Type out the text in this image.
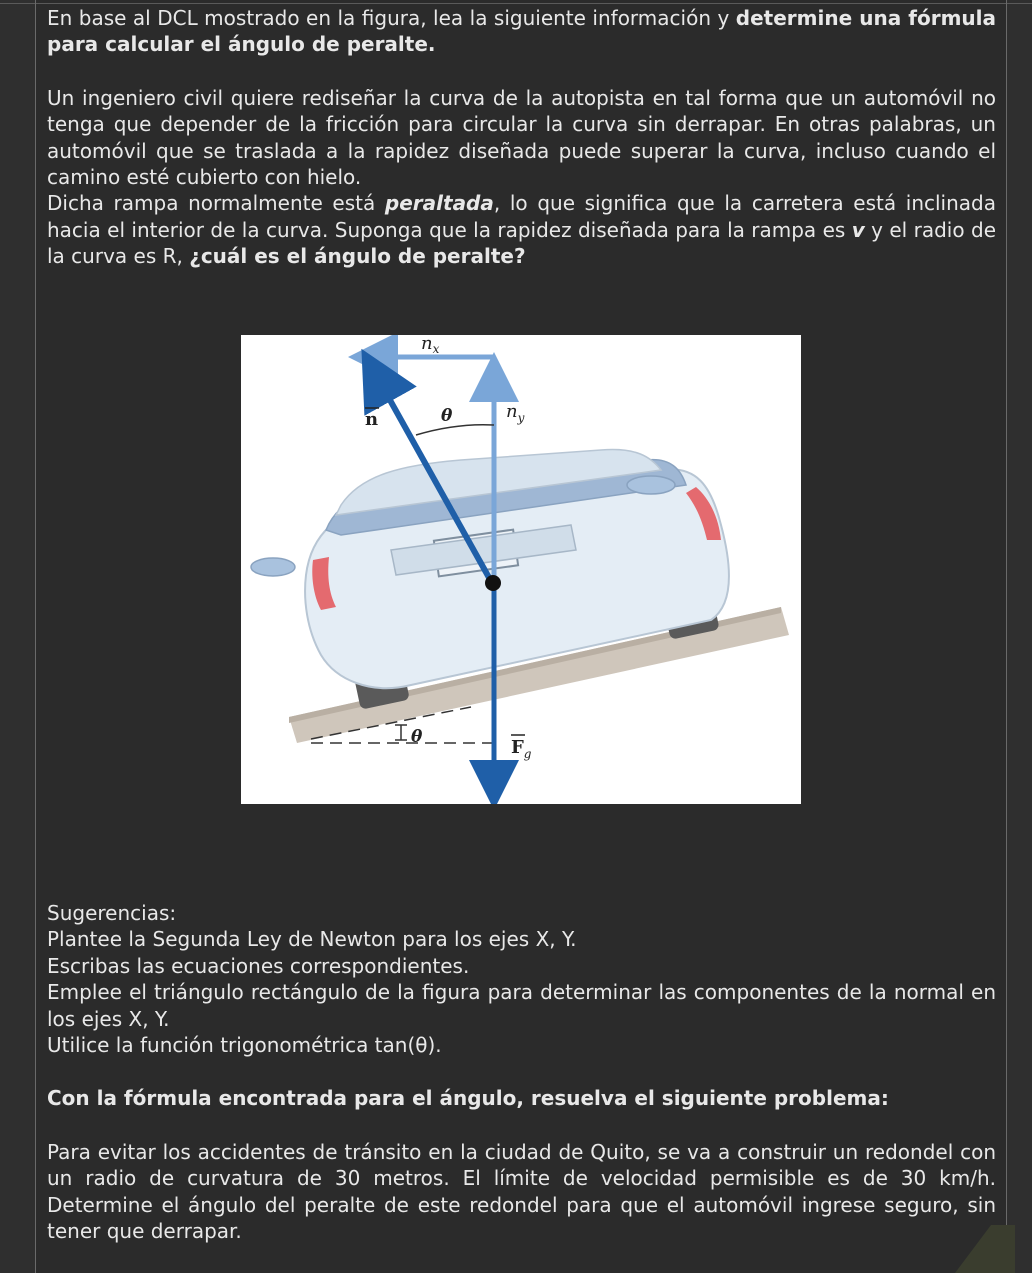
En base al DCL mostrado en la figura, lea la siguiente información y determine una fórmula para calcular el ángulo de peralte.

Un ingeniero civil quiere rediseñar la curva de la autopista en tal forma que un automóvil no tenga que depender de la fricción para circular la curva sin derrapar. En otras palabras, un automóvil que se traslada a la rapidez diseñada puede superar la curva, incluso cuando el camino esté cubierto con hielo.

Dicha rampa normalmente está peraltada, lo que significa que la carretera está inclinada hacia el interior de la curva. Suponga que la rapidez diseñada para la rampa es v y el radio de la curva es R, ¿cuál es el ángulo de peralte?

$n_x$
$n_y$
n	θ
θ	$F_g$

Sugerencias:

Plantee la Segunda Ley de Newton para los ejes X, Y.

Escribas las ecuaciones correspondientes.

Emplee el triángulo rectángulo de la figura para determinar las componentes de la normal en los ejes X, Y.

Utilice la función trigonométrica tan(θ).

Con la fórmula encontrada para el ángulo, resuelva el siguiente problema:

Para evitar los accidentes de tránsito en la ciudad de Quito, se va a construir un redondel con un radio de curvatura de 30 metros. El límite de velocidad permisible es de 30 km/h. Determine el ángulo del peralte de este redondel para que el automóvil ingrese seguro, sin tener que derrapar.
